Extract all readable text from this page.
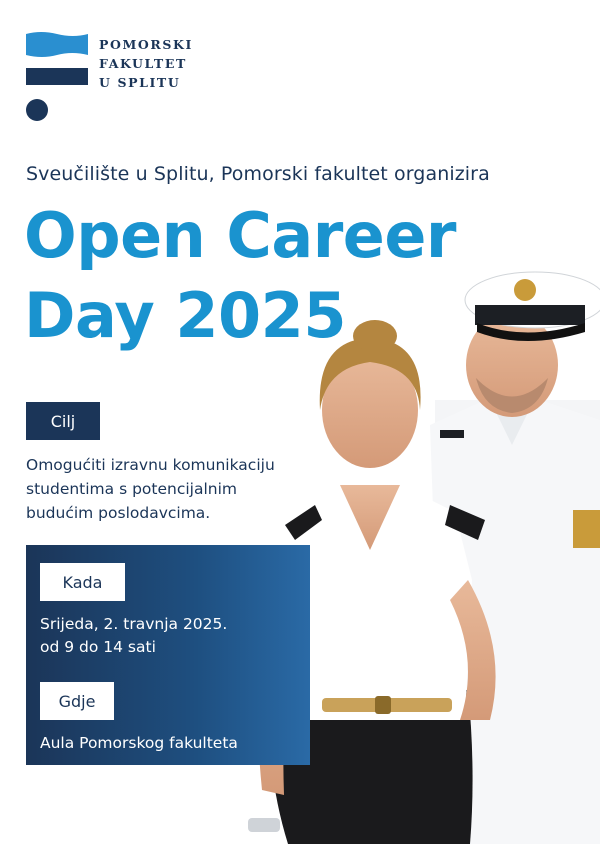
POMORSKI
FAKULTET
U SPLITU
Sveučilište u Splitu, Pomorski fakultet organizira
Open Career
Day 2025
Cilj
Omogućiti izravnu komunikaciju
studentima s potencijalnim
budućim poslodavcima.
Kada
Srijeda, 2. travnja 2025.
od 9 do 14 sati
Gdje
Aula Pomorskog fakulteta
